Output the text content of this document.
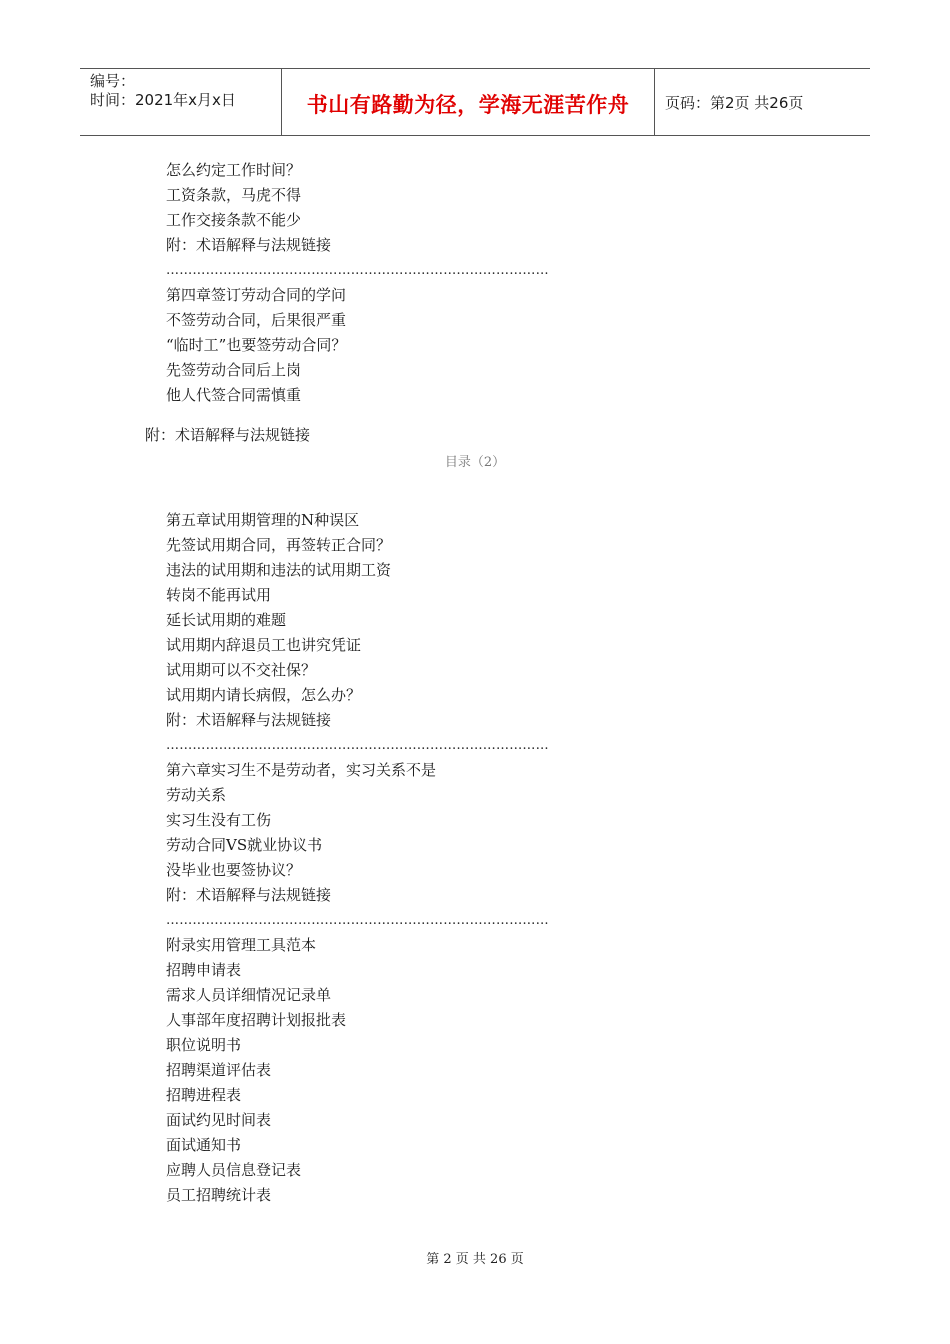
编号：
时间：2021年x月x日	书山有路勤为径，学海无涯苦作舟	页码：第2页 共26页
怎么约定工作时间？
工资条款，马虎不得
工作交接条款不能少
附：术语解释与法规链接
……………………………………………………………………………
第四章签订劳动合同的学问
不签劳动合同，后果很严重
“临时工”也要签劳动合同？
先签劳动合同后上岗
他人代签合同需慎重
附：术语解释与法规链接
目录（2）
第五章试用期管理的N种误区
先签试用期合同，再签转正合同？
违法的试用期和违法的试用期工资
转岗不能再试用
延长试用期的难题
试用期内辞退员工也讲究凭证
试用期可以不交社保？
试用期内请长病假，怎么办？
附：术语解释与法规链接
……………………………………………………………………………
第六章实习生不是劳动者，实习关系不是
劳动关系
实习生没有工伤
劳动合同VS就业协议书
没毕业也要签协议？
附：术语解释与法规链接
……………………………………………………………………………
附录实用管理工具范本
招聘申请表
需求人员详细情况记录单
人事部年度招聘计划报批表
职位说明书
招聘渠道评估表
招聘进程表
面试约见时间表
面试通知书
应聘人员信息登记表
员工招聘统计表
第 2 页 共 26 页
